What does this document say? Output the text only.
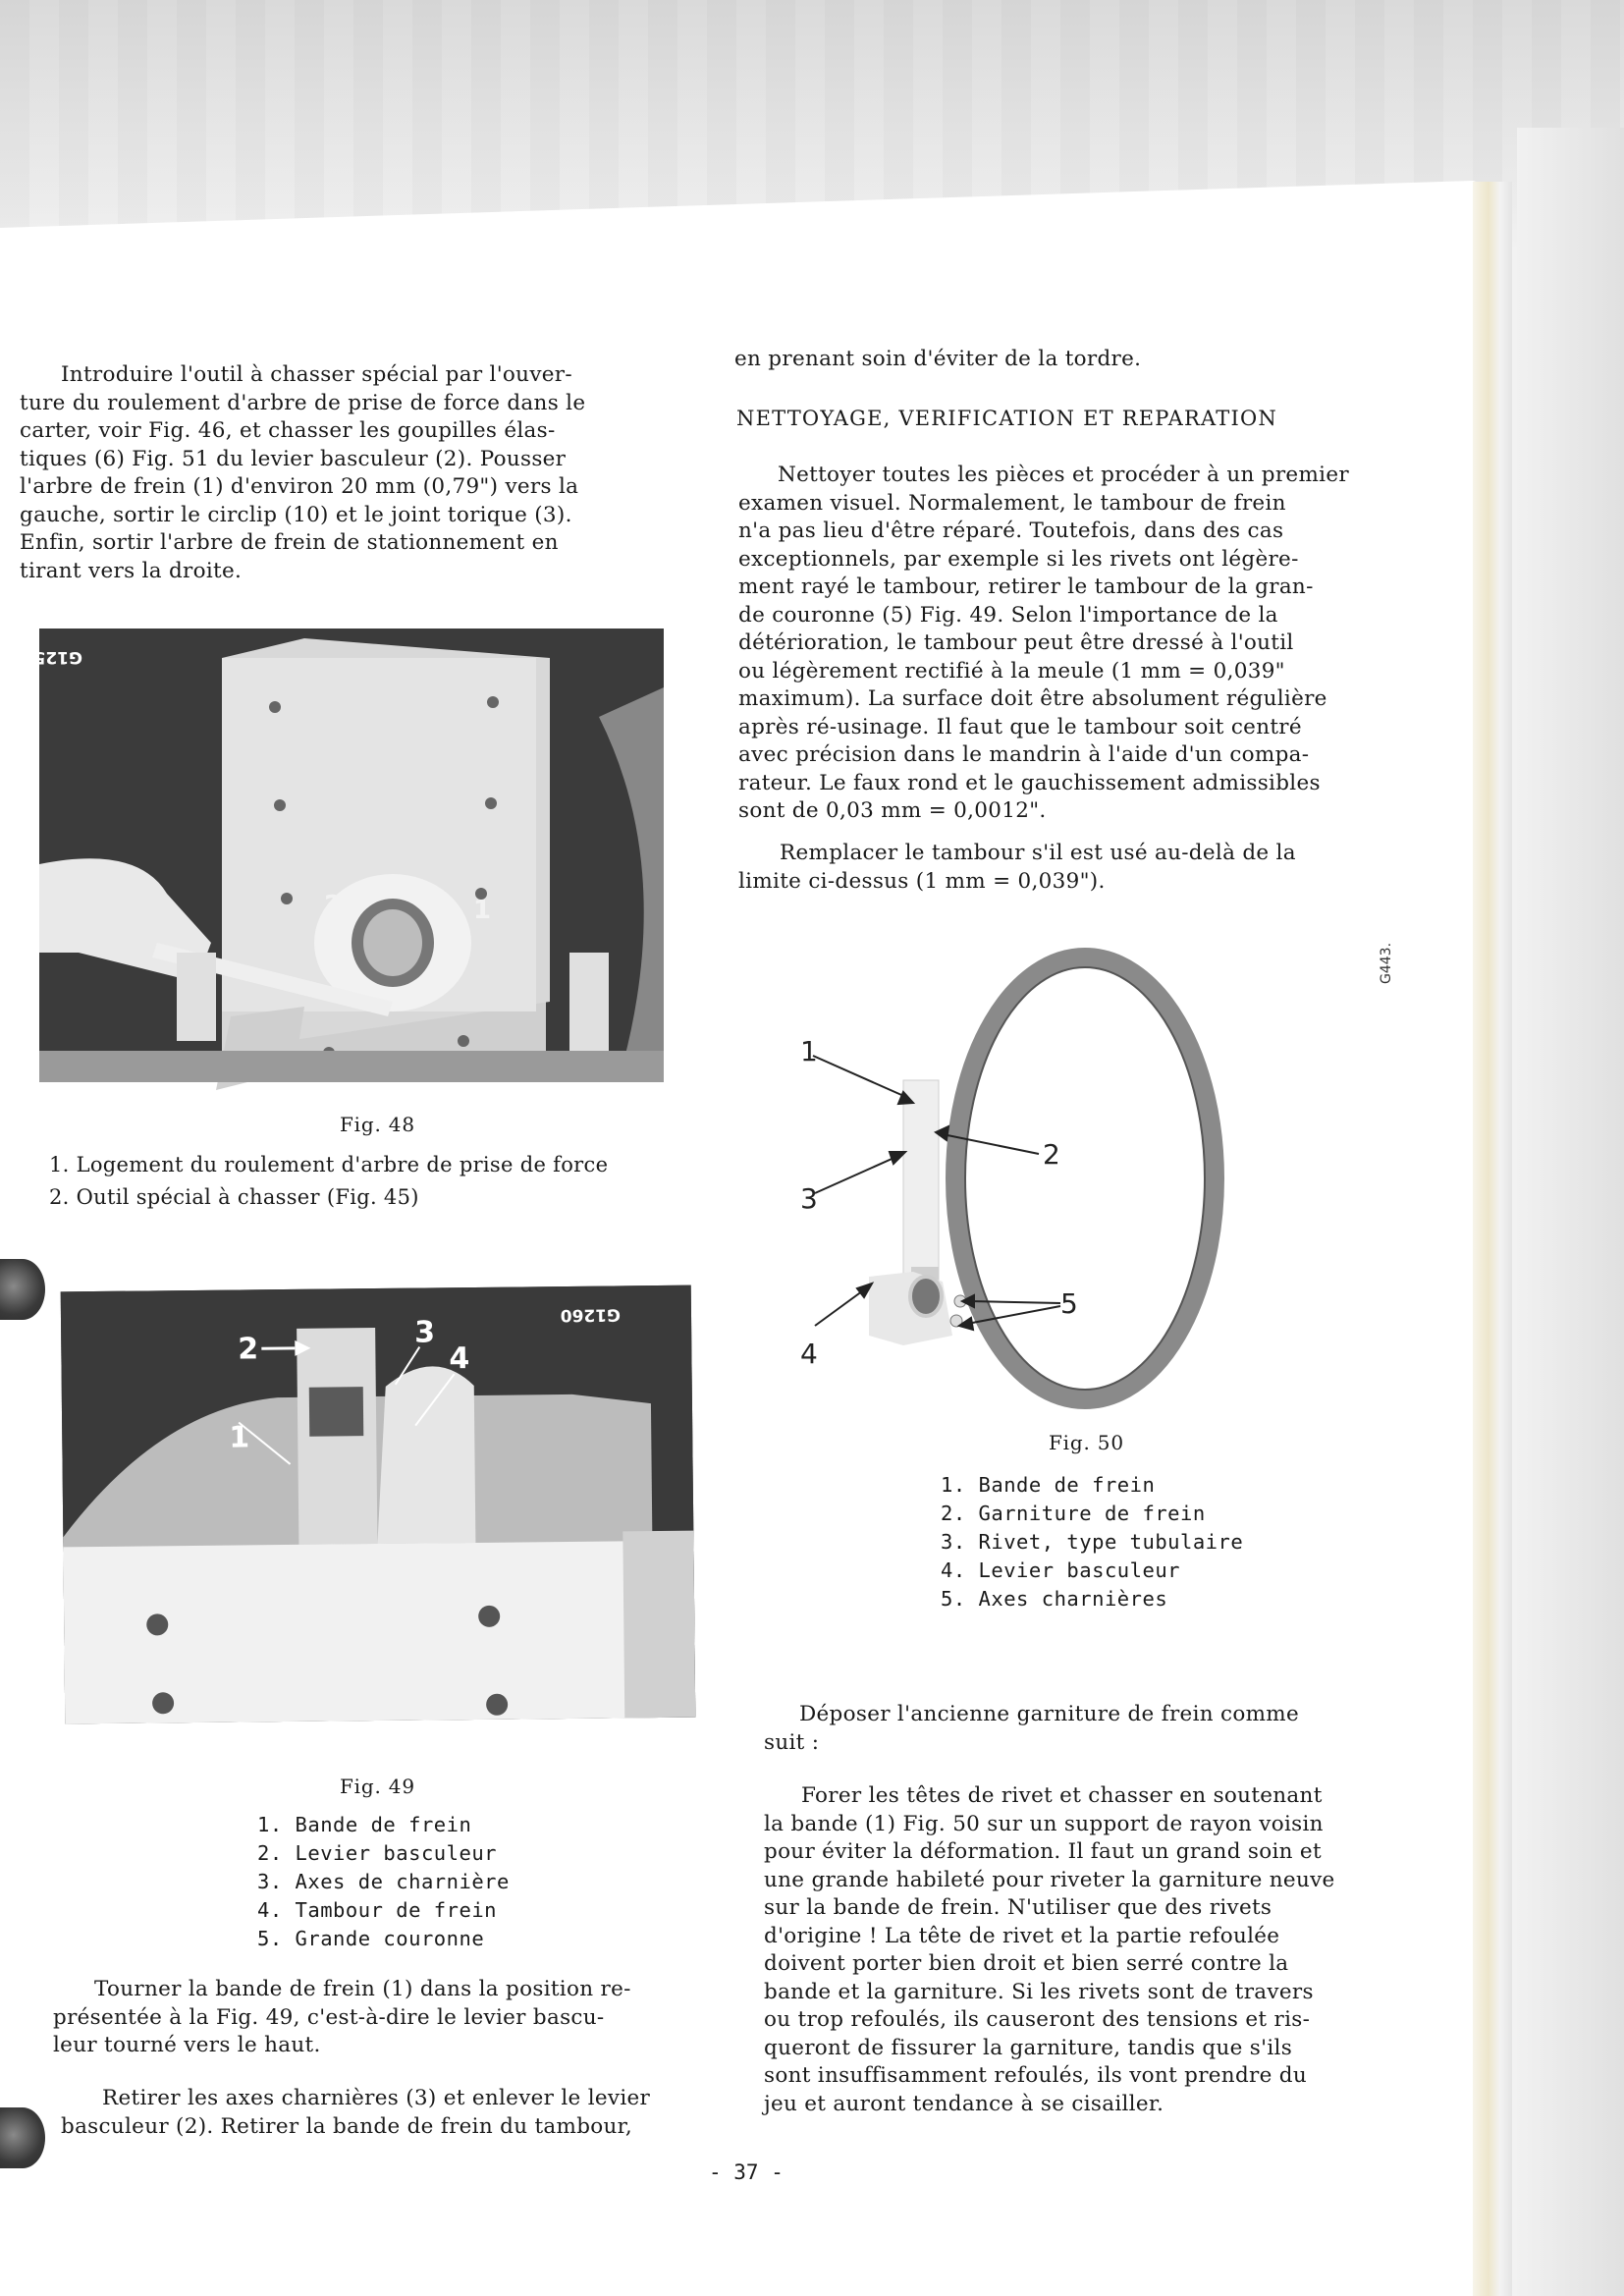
Introduire l'outil à chasser spécial par l'ouver-
ture du roulement d'arbre de prise de force dans le
carter, voir Fig. 46, et chasser les goupilles élas-
tiques (6) Fig. 51 du levier basculeur (2). Pousser
l'arbre de frein (1) d'environ 20 mm (0,79") vers la
gauche, sortir le circlip (10) et le joint torique (3).
Enfin, sortir l'arbre de frein de stationnement en
tirant vers la droite.
2	1
G1259
Fig. 48
1. Logement du roulement d'arbre de prise de force
2. Outil spécial à chasser (Fig. 45)
1
2	3
4
G1260
Fig. 49
1. Bande de frein
2. Levier basculeur
3. Axes de charnière
4. Tambour de frein
5. Grande couronne
Tourner la bande de frein (1) dans la position re-
présentée à la Fig. 49, c'est-à-dire le levier bascu-
leur tourné vers le haut.
Retirer les axes charnières (3) et enlever le levier
basculeur (2). Retirer la bande de frein du tambour,
en prenant soin d'éviter de la tordre.
NETTOYAGE, VERIFICATION ET REPARATION
Nettoyer toutes les pièces et procéder à un premier
examen visuel. Normalement, le tambour de frein
n'a pas lieu d'être réparé. Toutefois, dans des cas
exceptionnels, par exemple si les rivets ont légère-
ment rayé le tambour, retirer le tambour de la gran-
de couronne (5) Fig. 49. Selon l'importance de la
détérioration, le tambour peut être dressé à l'outil
ou légèrement rectifié à la meule (1 mm = 0,039"
maximum). La surface doit être absolument régulière
après ré-usinage. Il faut que le tambour soit centré
avec précision dans le mandrin à l'aide d'un compa-
rateur. Le faux rond et le gauchissement admissibles
sont de 0,03 mm = 0,0012".
Remplacer le tambour s'il est usé au-delà de la
limite ci-dessus (1 mm = 0,039").
1
2
3
4
5
G443.
Fig. 50
1. Bande de frein
2. Garniture de frein
3. Rivet, type tubulaire
4. Levier basculeur
5. Axes charnières
Déposer l'ancienne garniture de frein comme
suit :
Forer les têtes de rivet et chasser en soutenant
la bande (1) Fig. 50 sur un support de rayon voisin
pour éviter la déformation. Il faut un grand soin et
une grande habileté pour riveter la garniture neuve
sur la bande de frein. N'utiliser que des rivets
d'origine ! La tête de rivet et la partie refoulée
doivent porter bien droit et bien serré contre la
bande et la garniture. Si les rivets sont de travers
ou trop refoulés, ils causeront des tensions et ris-
queront de fissurer la garniture, tandis que s'ils
sont insuffisamment refoulés, ils vont prendre du
jeu et auront tendance à se cisailler.
- 37 -
